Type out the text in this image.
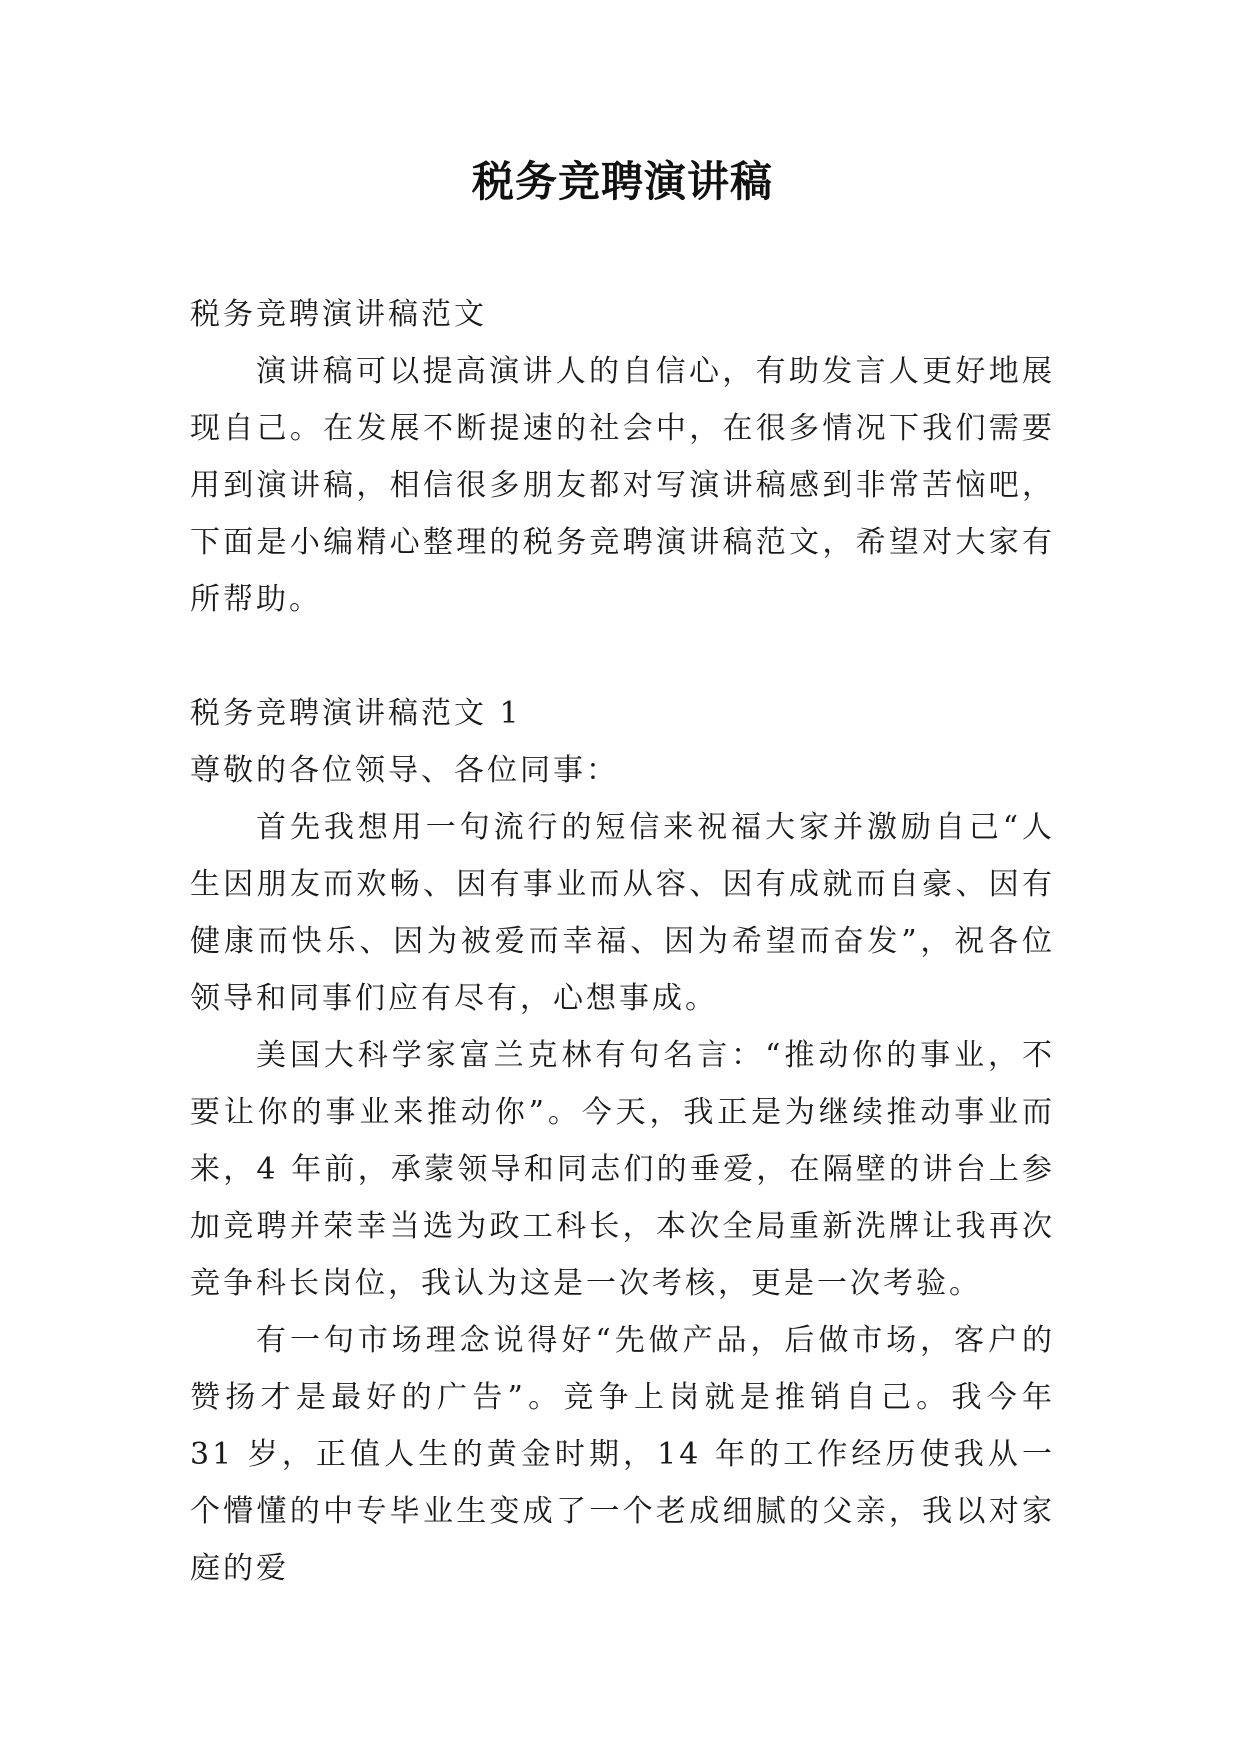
税务竞聘演讲稿

税务竞聘演讲稿范文

演讲稿可以提高演讲人的自信心，有助发言人更好地展现自己。在发展不断提速的社会中，在很多情况下我们需要用到演讲稿，相信很多朋友都对写演讲稿感到非常苦恼吧，下面是小编精心整理的税务竞聘演讲稿范文，希望对大家有所帮助。

税务竞聘演讲稿范文 1

尊敬的各位领导、各位同事：

首先我想用一句流行的短信来祝福大家并激励自己“人生因朋友而欢畅、因有事业而从容、因有成就而自豪、因有健康而快乐、因为被爱而幸福、因为希望而奋发”，祝各位领导和同事们应有尽有，心想事成。

美国大科学家富兰克林有句名言：“推动你的事业，不要让你的事业来推动你”。今天，我正是为继续推动事业而来，4 年前，承蒙领导和同志们的垂爱，在隔壁的讲台上参加竞聘并荣幸当选为政工科长，本次全局重新洗牌让我再次竞争科长岗位，我认为这是一次考核，更是一次考验。

有一句市场理念说得好“先做产品，后做市场，客户的赞扬才是最好的广告”。竞争上岗就是推销自己。我今年 31 岁，正值人生的黄金时期，14 年的工作经历使我从一个懵懂的中专毕业生变成了一个老成细腻的父亲，我以对家庭的爱
